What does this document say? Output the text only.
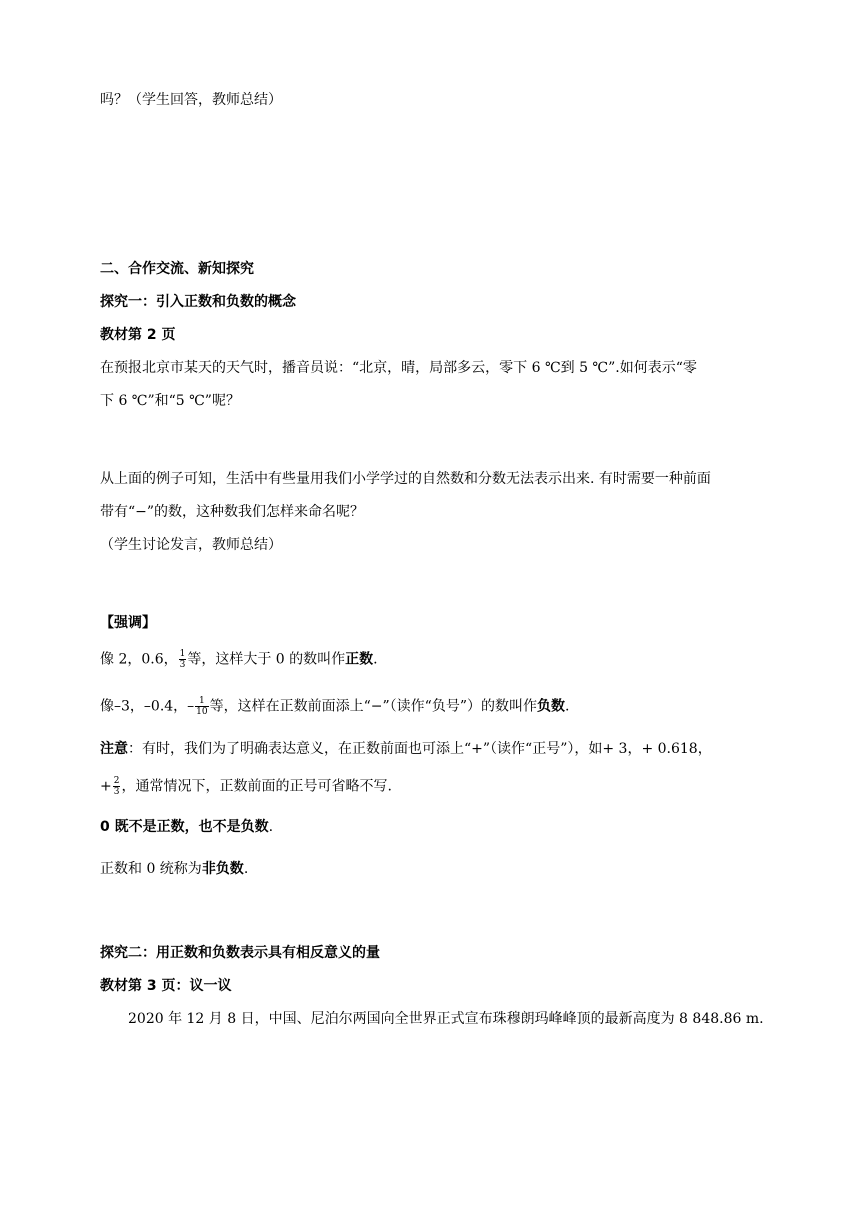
吗？（学生回答，教师总结）
二、合作交流、新知探究
探究一：引入正数和负数的概念
教材第 2 页
在预报北京市某天的天气时，播音员说：“北京，晴，局部多云，零下 6 ℃到 5 ℃”.如何表示“零
下 6 ℃”和“5 ℃”呢？
从上面的例子可知，生活中有些量用我们小学学过的自然数和分数无法表示出来. 有时需要一种前面
带有“−”的数，这种数我们怎样来命名呢？
（学生讨论发言，教师总结）
【强调】
像 2，0.6， $\frac{1}{3}$ 等，这样大于 0 的数叫作正数.
像–3，–0.4，– $\frac{1}{10}$ 等，这样在正数前面添上“−”（读作“负号”）的数叫作负数.
注意：有时，我们为了明确表达意义，在正数前面也可添上“+”（读作“正号”），如+ 3，+ 0.618，
+ $\frac{2}{3}$ ，通常情况下，正数前面的正号可省略不写.
0 既不是正数，也不是负数.
正数和 0 统称为非负数.
探究二：用正数和负数表示具有相反意义的量
教材第 3 页：议一议
2020 年 12 月 8 日，中国、尼泊尔两国向全世界正式宣布珠穆朗玛峰峰顶的最新高度为 8 848.86 m.
